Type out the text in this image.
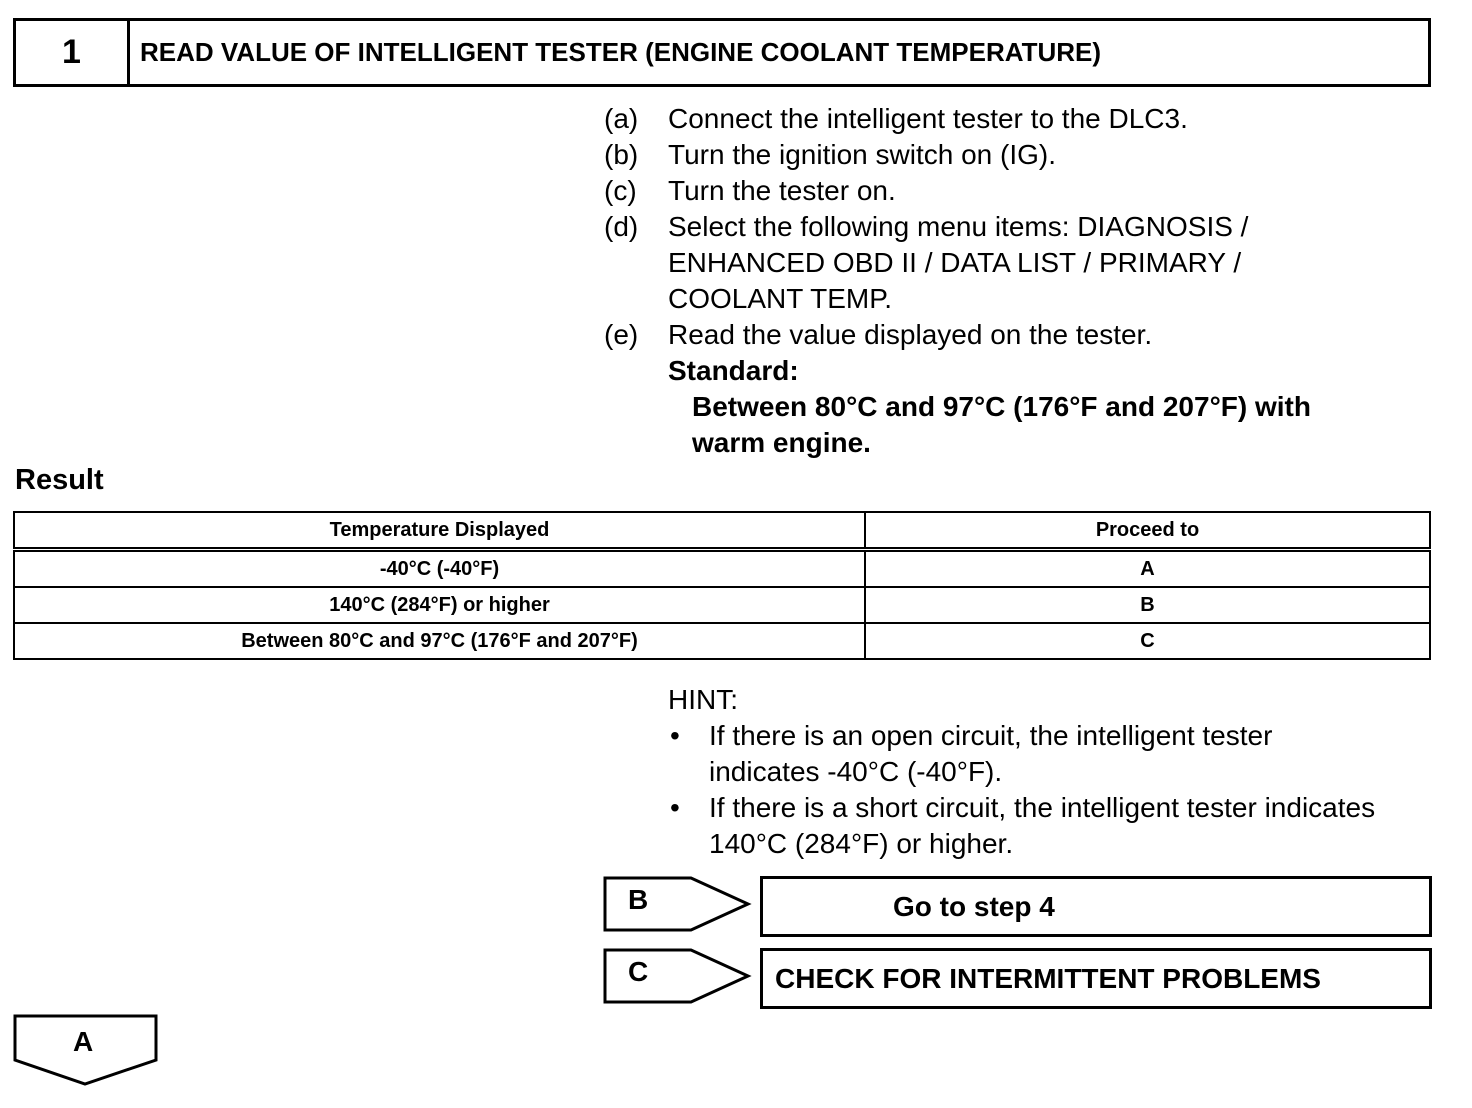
1	READ VALUE OF INTELLIGENT TESTER (ENGINE COOLANT TEMPERATURE)
(a)	Connect the intelligent tester to the DLC3.
(b)	Turn the ignition switch on (IG).
(c)	Turn the tester on.
(d)	Select the following menu items: DIAGNOSIS /
ENHANCED OBD II / DATA LIST / PRIMARY /
COOLANT TEMP.
(e)	Read the value displayed on the tester.
Standard:
Between 80°C and 97°C (176°F and 207°F) with
warm engine.
Result
Temperature Displayed	Proceed to
-40°C (-40°F)	A
140°C (284°F) or higher	B
Between 80°C and 97°C (176°F and 207°F)	C
HINT:
•	If there is an open circuit, the intelligent tester
indicates -40°C (-40°F).
•	If there is a short circuit, the intelligent tester indicates
140°C (284°F) or higher.
B	Go to step 4
C	CHECK FOR INTERMITTENT PROBLEMS
A
